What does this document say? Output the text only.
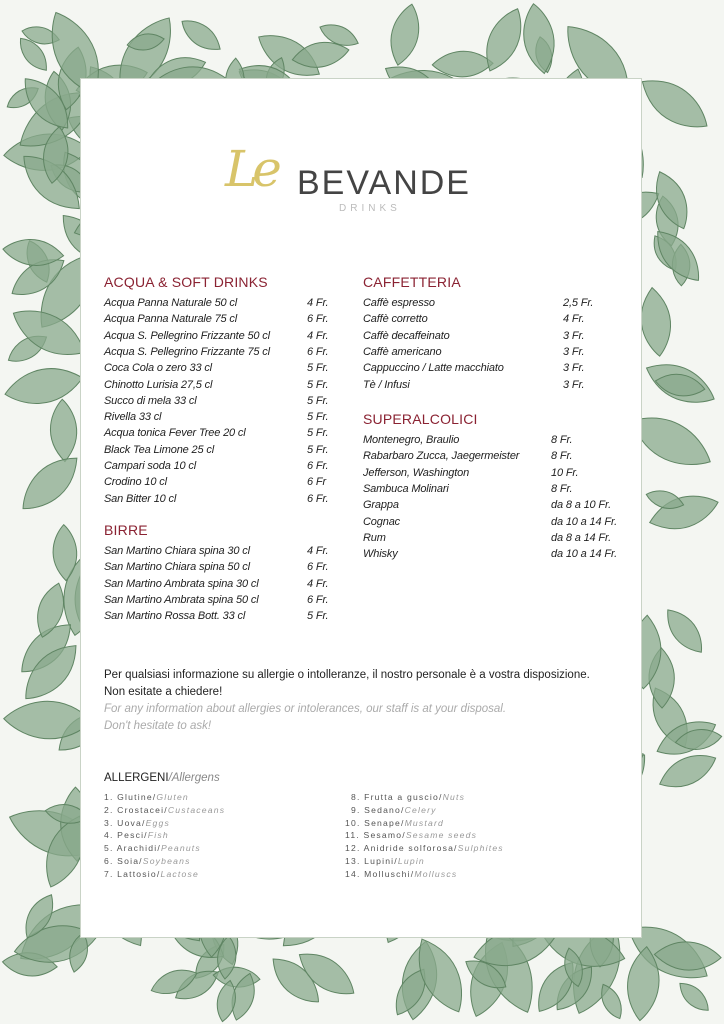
Le BEVANDE
DRINKS
ACQUA & SOFT DRINKS
Acqua Panna Naturale 50 cl	4 Fr.
Acqua Panna Naturale 75 cl	6 Fr.
Acqua S. Pellegrino Frizzante 50 cl	4 Fr.
Acqua S. Pellegrino Frizzante 75 cl	6 Fr.
Coca Cola o zero 33 cl	5 Fr.
Chinotto Lurisia 27,5 cl	5 Fr.
Succo di mela 33 cl	5 Fr.
Rivella 33 cl	5 Fr.
Acqua tonica Fever Tree 20 cl	5 Fr.
Black Tea Limone 25 cl	5 Fr.
Campari soda 10 cl	6 Fr.
Crodino 10 cl	6 Fr
San Bitter 10 cl	6 Fr.
BIRRE
San Martino Chiara spina 30 cl	4 Fr.
San Martino Chiara spina 50 cl	6 Fr.
San Martino Ambrata spina 30 cl	4 Fr.
San Martino Ambrata spina 50 cl	6 Fr.
San Martino Rossa Bott. 33 cl	5 Fr.
CAFFETTERIA
Caffè espresso	2,5 Fr.
Caffè corretto	4 Fr.
Caffè decaffeinato	3 Fr.
Caffè americano	3 Fr.
Cappuccino / Latte macchiato	3 Fr.
Tè / Infusi	3 Fr.
SUPERALCOLICI
Montenegro, Braulio	8 Fr.
Rabarbaro Zucca, Jaegermeister	8 Fr.
Jefferson, Washington	10 Fr.
Sambuca Molinari	8 Fr.
Grappa	da 8 a 10 Fr.
Cognac	da 10 a 14 Fr.
Rum	da 8 a 14 Fr.
Whisky	da 10 a 14 Fr.
Per qualsiasi informazione su allergie o intolleranze, il nostro personale è a vostra disposizione.
Non esitate a chiedere!
For any information about allergies or intolerances, our staff is at your disposal.
Don't hesitate to ask!
ALLERGENI/Allergens
1. Glutine/Gluten
2. Crostacei/Custaceans
3. Uova/Eggs
4. Pesci/Fish
5. Arachidi/Peanuts
6. Soia/Soybeans
7. Lattosio/Lactose
8. Frutta a guscio/Nuts
9. Sedano/Celery
10. Senape/Mustard
11. Sesamo/Sesame seeds
12. Anidride solforosa/Sulphites
13. Lupini/Lupin
14. Molluschi/Molluscs
